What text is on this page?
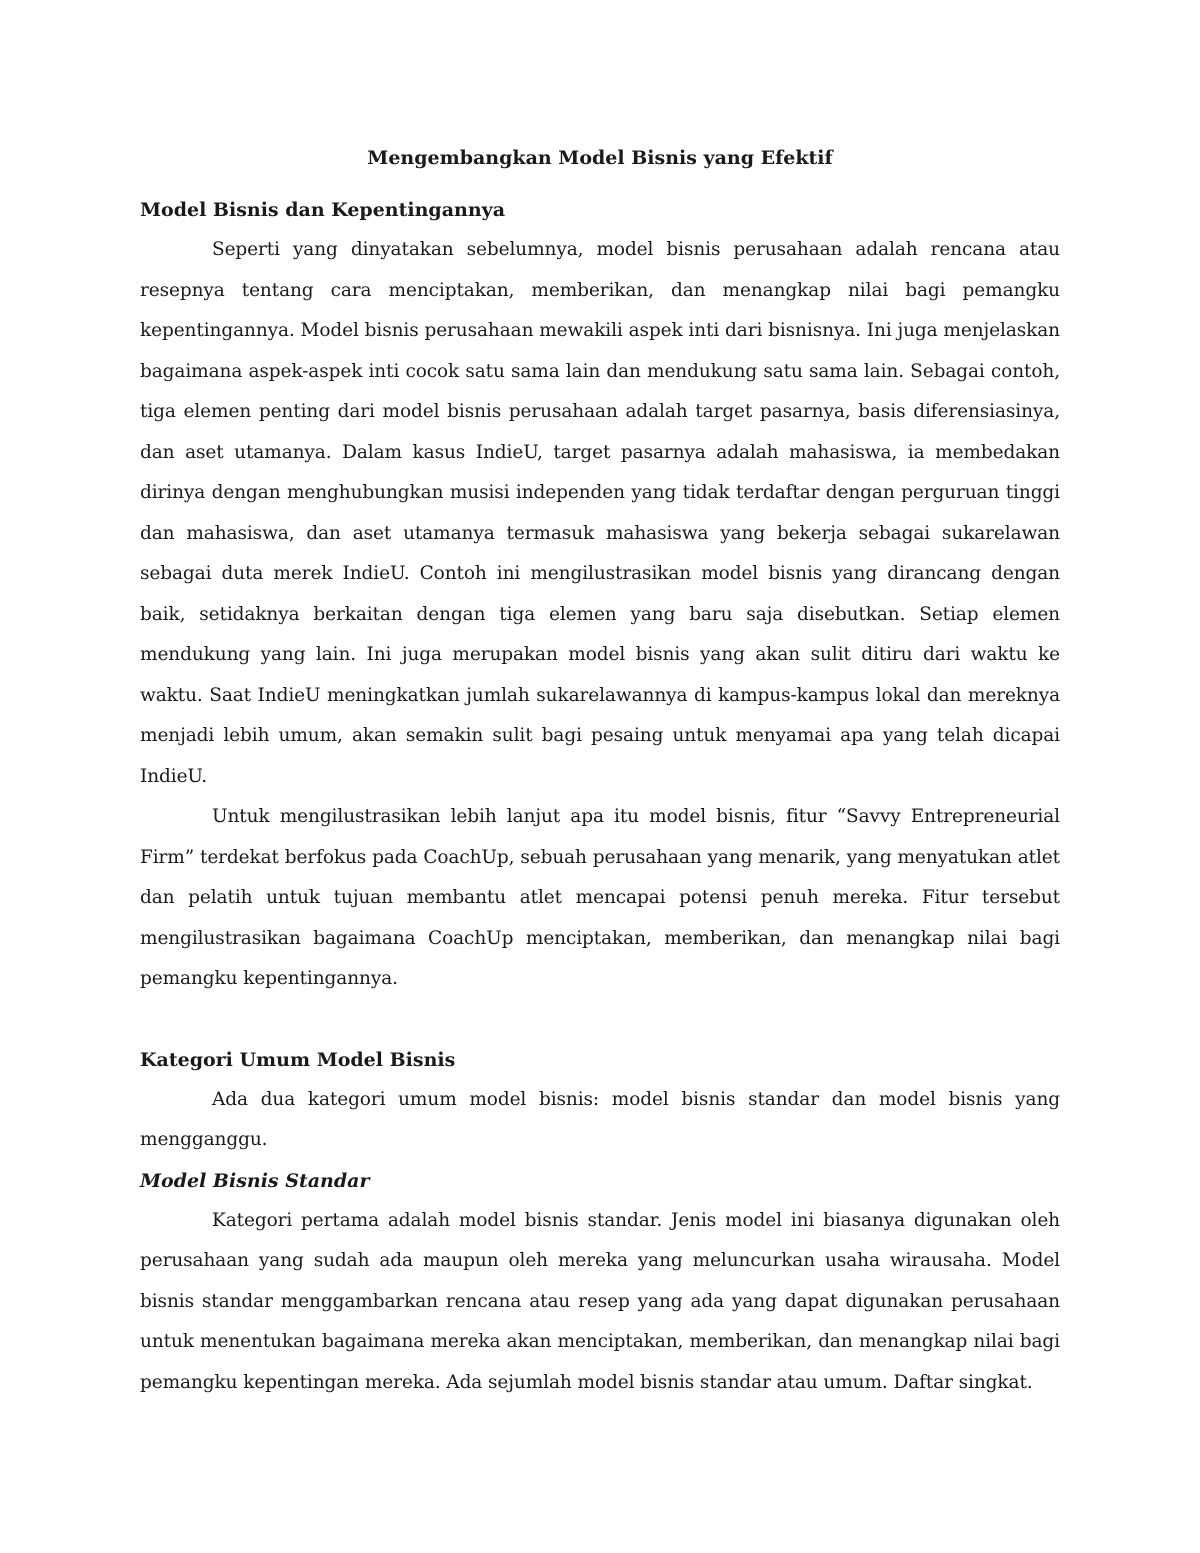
Mengembangkan Model Bisnis yang Efektif
Model Bisnis dan Kepentingannya

Seperti yang dinyatakan sebelumnya, model bisnis perusahaan adalah rencana atau resepnya tentang cara menciptakan, memberikan, dan menangkap nilai bagi pemangku kepentingannya. Model bisnis perusahaan mewakili aspek inti dari bisnisnya. Ini juga menjelaskan bagaimana aspek-aspek inti cocok satu sama lain dan mendukung satu sama lain. Sebagai contoh, tiga elemen penting dari model bisnis perusahaan adalah target pasarnya, basis diferensiasinya, dan aset utamanya. Dalam kasus IndieU, target pasarnya adalah mahasiswa, ia membedakan dirinya dengan menghubungkan musisi independen yang tidak terdaftar dengan perguruan tinggi dan mahasiswa, dan aset utamanya termasuk mahasiswa yang bekerja sebagai sukarelawan sebagai duta merek IndieU. Contoh ini mengilustrasikan model bisnis yang dirancang dengan baik, setidaknya berkaitan dengan tiga elemen yang baru saja disebutkan. Setiap elemen mendukung yang lain. Ini juga merupakan model bisnis yang akan sulit ditiru dari waktu ke waktu. Saat IndieU meningkatkan jumlah sukarelawannya di kampus-kampus lokal dan mereknya menjadi lebih umum, akan semakin sulit bagi pesaing untuk menyamai apa yang telah dicapai IndieU.

Untuk mengilustrasikan lebih lanjut apa itu model bisnis, fitur “Savvy Entrepreneurial Firm” terdekat berfokus pada CoachUp, sebuah perusahaan yang menarik, yang menyatukan atlet dan pelatih untuk tujuan membantu atlet mencapai potensi penuh mereka. Fitur tersebut mengilustrasikan bagaimana CoachUp menciptakan, memberikan, dan menangkap nilai bagi pemangku kepentingannya.

Kategori Umum Model Bisnis

Ada dua kategori umum model bisnis: model bisnis standar dan model bisnis yang mengganggu.

Model Bisnis Standar

Kategori pertama adalah model bisnis standar. Jenis model ini biasanya digunakan oleh perusahaan yang sudah ada maupun oleh mereka yang meluncurkan usaha wirausaha. Model bisnis standar menggambarkan rencana atau resep yang ada yang dapat digunakan perusahaan untuk menentukan bagaimana mereka akan menciptakan, memberikan, dan menangkap nilai bagi pemangku kepentingan mereka. Ada sejumlah model bisnis standar atau umum. Daftar singkat.
